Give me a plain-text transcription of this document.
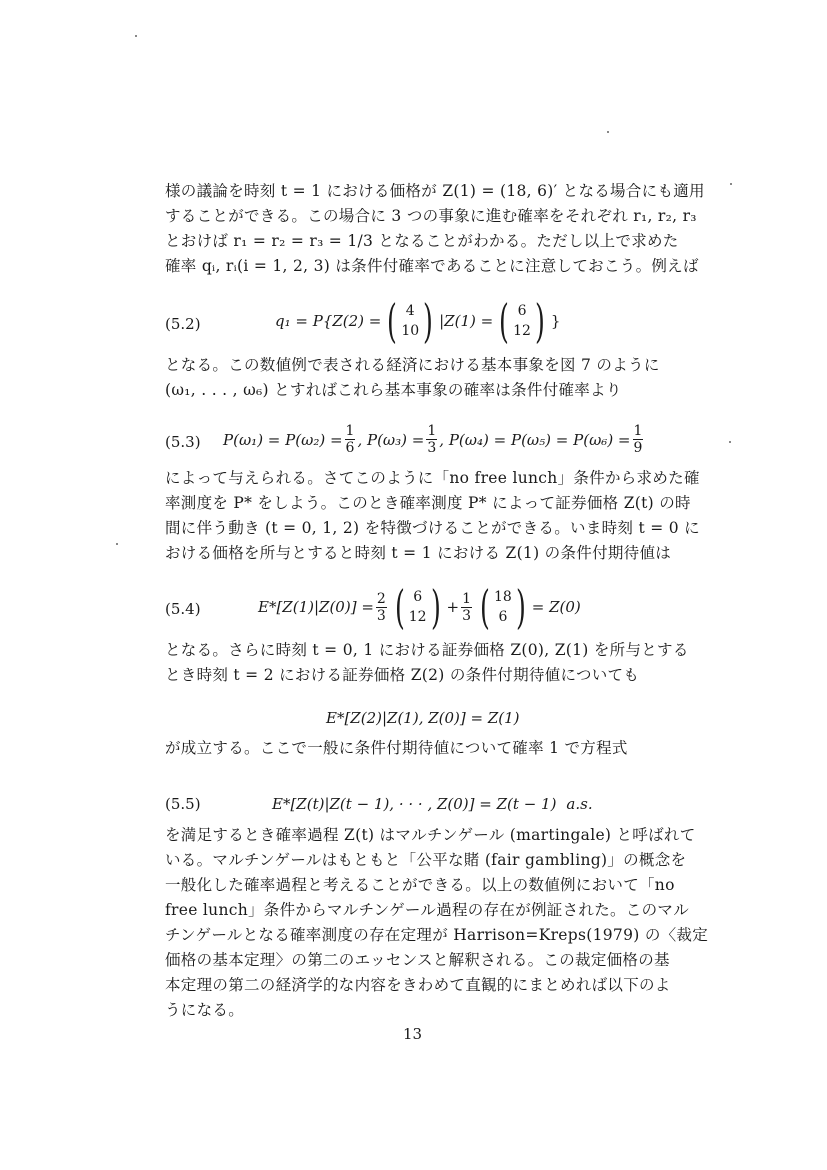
様の議論を時刻 t = 1 における価格が Z(1) = (18, 6)′ となる場合にも適用
することができる。この場合に 3 つの事象に進む確率をそれぞれ r₁, r₂, r₃
とおけば r₁ = r₂ = r₃ = 1/3 となることがわかる。ただし以上で求めた
確率 qᵢ, rᵢ(i = 1, 2, 3) は条件付確率であることに注意しておこう。例えば
(5.2)	q₁ = P{Z(2) = ( 4
10 ) |Z(1) = ( 6
12 ) }
となる。この数値例で表される経済における基本事象を図 7 のように
(ω₁, . . . , ω₆) とすればこれら基本事象の確率は条件付確率より
(5.3) $P(\omega_1) = P(\omega_2) = \frac{1}{6}$ , $P(\omega_3) = \frac{1}{3}$ , $P(\omega_4) = P(\omega_5) = P(\omega_6) = \frac{1}{9}$
によって与えられる。さてこのように「no free lunch」条件から求めた確
率測度を P* をしよう。このとき確率測度 P* によって証券価格 Z(t) の時
間に伴う動き (t = 0, 1, 2) を特徴づけることができる。いま時刻 t = 0 に
おける価格を所与とすると時刻 t = 1 における Z(1) の条件付期待値は
(5.4)	$E*[Z(1)|Z(0)] = \frac{2}{3}$ ( 6
12 ) + $\frac{1}{3}$ ( 18
6 ) = Z(0)
となる。さらに時刻 t = 0, 1 における証券価格 Z(0), Z(1) を所与とする
とき時刻 t = 2 における証券価格 Z(2) の条件付期待値についても
E*[Z(2)|Z(1), Z(0)] = Z(1)
が成立する。ここで一般に条件付期待値について確率 1 で方程式
(5.5)	E*[Z(t)|Z(t − 1), · · · , Z(0)] = Z(t − 1) a.s.
を満足するとき確率過程 Z(t) はマルチンゲール (martingale) と呼ばれて
いる。マルチンゲールはもともと「公平な賭 (fair gambling)」の概念を
一般化した確率過程と考えることができる。以上の数値例において「no
free lunch」条件からマルチンゲール過程の存在が例証された。このマル
チンゲールとなる確率測度の存在定理が Harrison=Kreps(1979) の〈裁定
価格の基本定理〉の第二のエッセンスと解釈される。この裁定価格の基
本定理の第二の経済学的な内容をきわめて直観的にまとめれば以下のよ
うになる。
13
